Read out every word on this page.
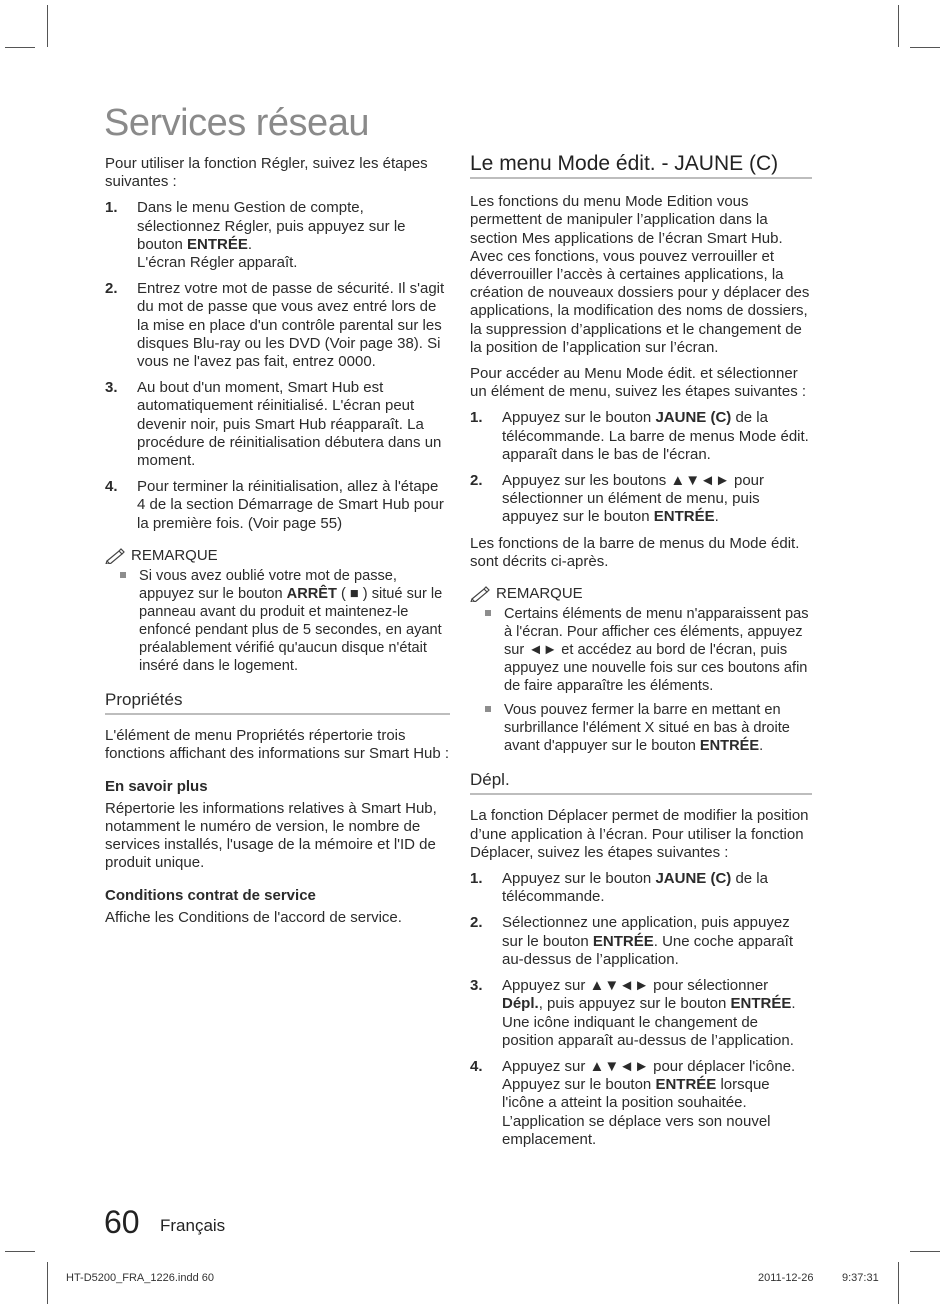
Services réseau

Pour utiliser la fonction Régler, suivez les étapes suivantes :

1. Dans le menu Gestion de compte, sélectionnez Régler, puis appuyez sur le bouton ENTRÉE.
L'écran Régler apparaît.
2. Entrez votre mot de passe de sécurité. Il s'agit du mot de passe que vous avez entré lors de la mise en place d'un contrôle parental sur les disques Blu-ray ou les DVD (Voir page 38). Si vous ne l'avez pas fait, entrez 0000.
3. Au bout d'un moment, Smart Hub est automatiquement réinitialisé. L'écran peut devenir noir, puis Smart Hub réapparaît. La procédure de réinitialisation débutera dans un moment.
4. Pour terminer la réinitialisation, allez à l'étape 4 de la section Démarrage de Smart Hub pour la première fois. (Voir page 55)
REMARQUE
Si vous avez oublié votre mot de passe, appuyez sur le bouton ARRÊT ( ■ ) situé sur le panneau avant du produit et maintenez-le enfoncé pendant plus de 5 secondes, en ayant préalablement vérifié qu'aucun disque n'était inséré dans le logement.
Propriétés

L'élément de menu Propriétés répertorie trois fonctions affichant des informations sur Smart Hub :

En savoir plus

Répertorie les informations relatives à Smart Hub, notamment le numéro de version, le nombre de services installés, l'usage de la mémoire et l'ID de produit unique.

Conditions contrat de service

Affiche les Conditions de l'accord de service.

Le menu Mode édit. - JAUNE (C)

Les fonctions du menu Mode Edition vous permettent de manipuler l’application dans la section Mes applications de l’écran Smart Hub. Avec ces fonctions, vous pouvez verrouiller et déverrouiller l’accès à certaines applications, la création de nouveaux dossiers pour y déplacer des applications, la modification des noms de dossiers, la suppression d’applications et le changement de la position de l’application sur l’écran.

Pour accéder au Menu Mode édit. et sélectionner un élément de menu, suivez les étapes suivantes :

1. Appuyez sur le bouton JAUNE (C) de la télécommande. La barre de menus Mode édit. apparaît dans le bas de l'écran.
2. Appuyez sur les boutons ▲▼◄► pour sélectionner un élément de menu, puis appuyez sur le bouton ENTRÉE.

Les fonctions de la barre de menus du Mode édit. sont décrits ci-après.

REMARQUE
Certains éléments de menu n'apparaissent pas à l'écran. Pour afficher ces éléments, appuyez sur ◄► et accédez au bord de l'écran, puis appuyez une nouvelle fois sur ces boutons afin de faire apparaître les éléments.
Vous pouvez fermer la barre en mettant en surbrillance l'élément X situé en bas à droite avant d'appuyer sur le bouton ENTRÉE.
Dépl.

La fonction Déplacer permet de modifier la position d’une application à l’écran. Pour utiliser la fonction Déplacer, suivez les étapes suivantes :

1. Appuyez sur le bouton JAUNE (C) de la télécommande.
2. Sélectionnez une application, puis appuyez sur le bouton ENTRÉE. Une coche apparaît au-dessus de l’application.
3. Appuyez sur ▲▼◄► pour sélectionner Dépl., puis appuyez sur le bouton ENTRÉE. Une icône indiquant le changement de position apparaît au-dessus de l’application.
4. Appuyez sur ▲▼◄► pour déplacer l'icône. Appuyez sur le bouton ENTRÉE lorsque l'icône a atteint la position souhaitée. L’application se déplace vers son nouvel emplacement.
60 Français
HT-D5200_FRA_1226.indd 60	2011-12-26	9:37:31
